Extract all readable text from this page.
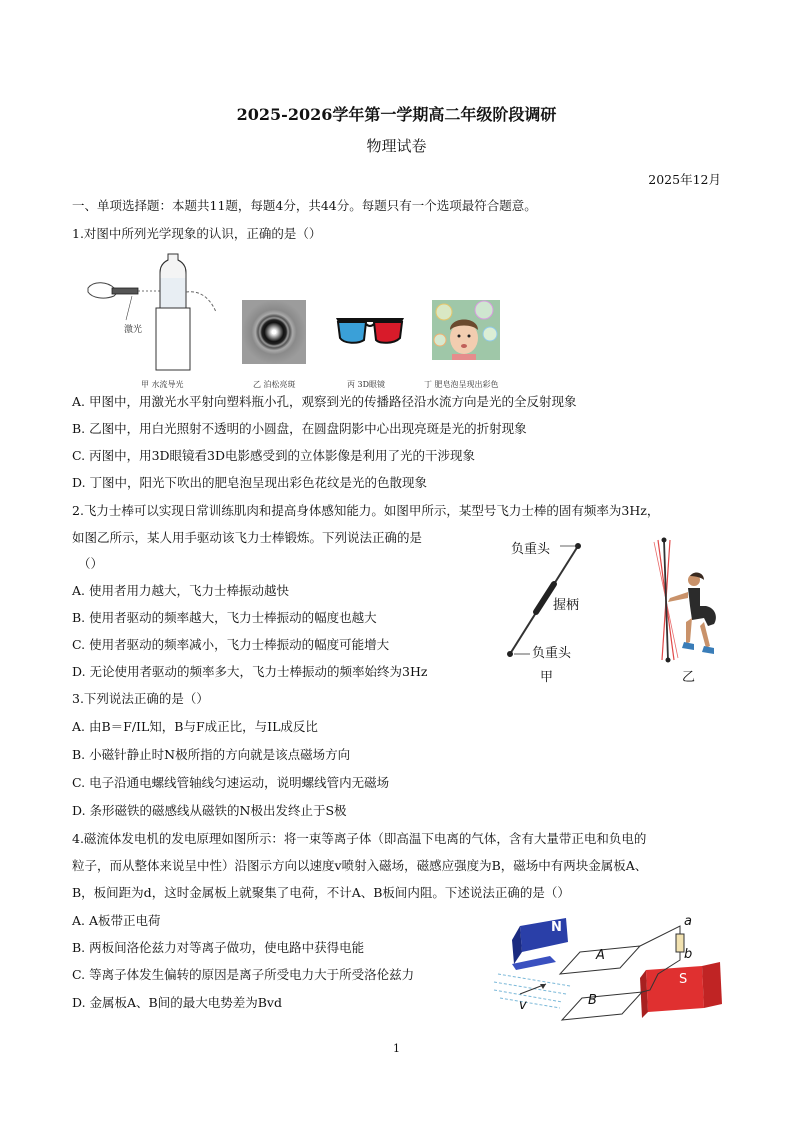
2025-2026学年第一学期高二年级阶段调研
物理试卷
2025年12月
一、单项选择题：本题共11题，每题4分，共44分。每题只有一个选项最符合题意。
1.对图中所列光学现象的认识，正确的是（）
激光
甲 水流导光	乙 泊松亮斑	丙 3D眼镜	丁 肥皂泡呈现出彩色
A. 甲图中，用激光水平射向塑料瓶小孔，观察到光的传播路径沿水流方向是光的全反射现象
B. 乙图中，用白光照射不透明的小圆盘，在圆盘阴影中心出现亮斑是光的折射现象
C. 丙图中，用3D眼镜看3D电影感受到的立体影像是利用了光的干涉现象
D. 丁图中，阳光下吹出的肥皂泡呈现出彩色花纹是光的色散现象
2.飞力士棒可以实现日常训练肌肉和提高身体感知能力。如图甲所示，某型号飞力士棒的固有频率为3Hz，
如图乙所示，某人用手驱动该飞力士棒锻炼。下列说法正确的是
（）
A. 使用者用力越大，飞力士棒振动越快
B. 使用者驱动的频率越大，飞力士棒振动的幅度也越大
C. 使用者驱动的频率减小，飞力士棒振动的幅度可能增大
D. 无论使用者驱动的频率多大，飞力士棒振动的频率始终为3Hz
负重头
握柄
负重头
甲	乙
3.下列说法正确的是（）
A. 由B＝F/IL知，B与F成正比，与IL成反比
B. 小磁针静止时N极所指的方向就是该点磁场方向
C. 电子沿通电螺线管轴线匀速运动，说明螺线管内无磁场
D. 条形磁铁的磁感线从磁铁的N极出发终止于S极
4.磁流体发电机的发电原理如图所示：将一束等离子体（即高温下电离的气体，含有大量带正电和负电的
粒子，而从整体来说呈中性）沿图示方向以速度v喷射入磁场，磁感应强度为B，磁场中有两块金属板A、
B，板间距为d，这时金属板上就聚集了电荷，不计A、B板间内阻。下述说法正确的是（）
A. A板带正电荷
B. 两板间洛伦兹力对等离子做功，使电路中获得电能
C. 等离子体发生偏转的原因是离子所受电力大于所受洛伦兹力
D. 金属板A、B间的最大电势差为Bvd
N
S
a
b
A
B
v
1
